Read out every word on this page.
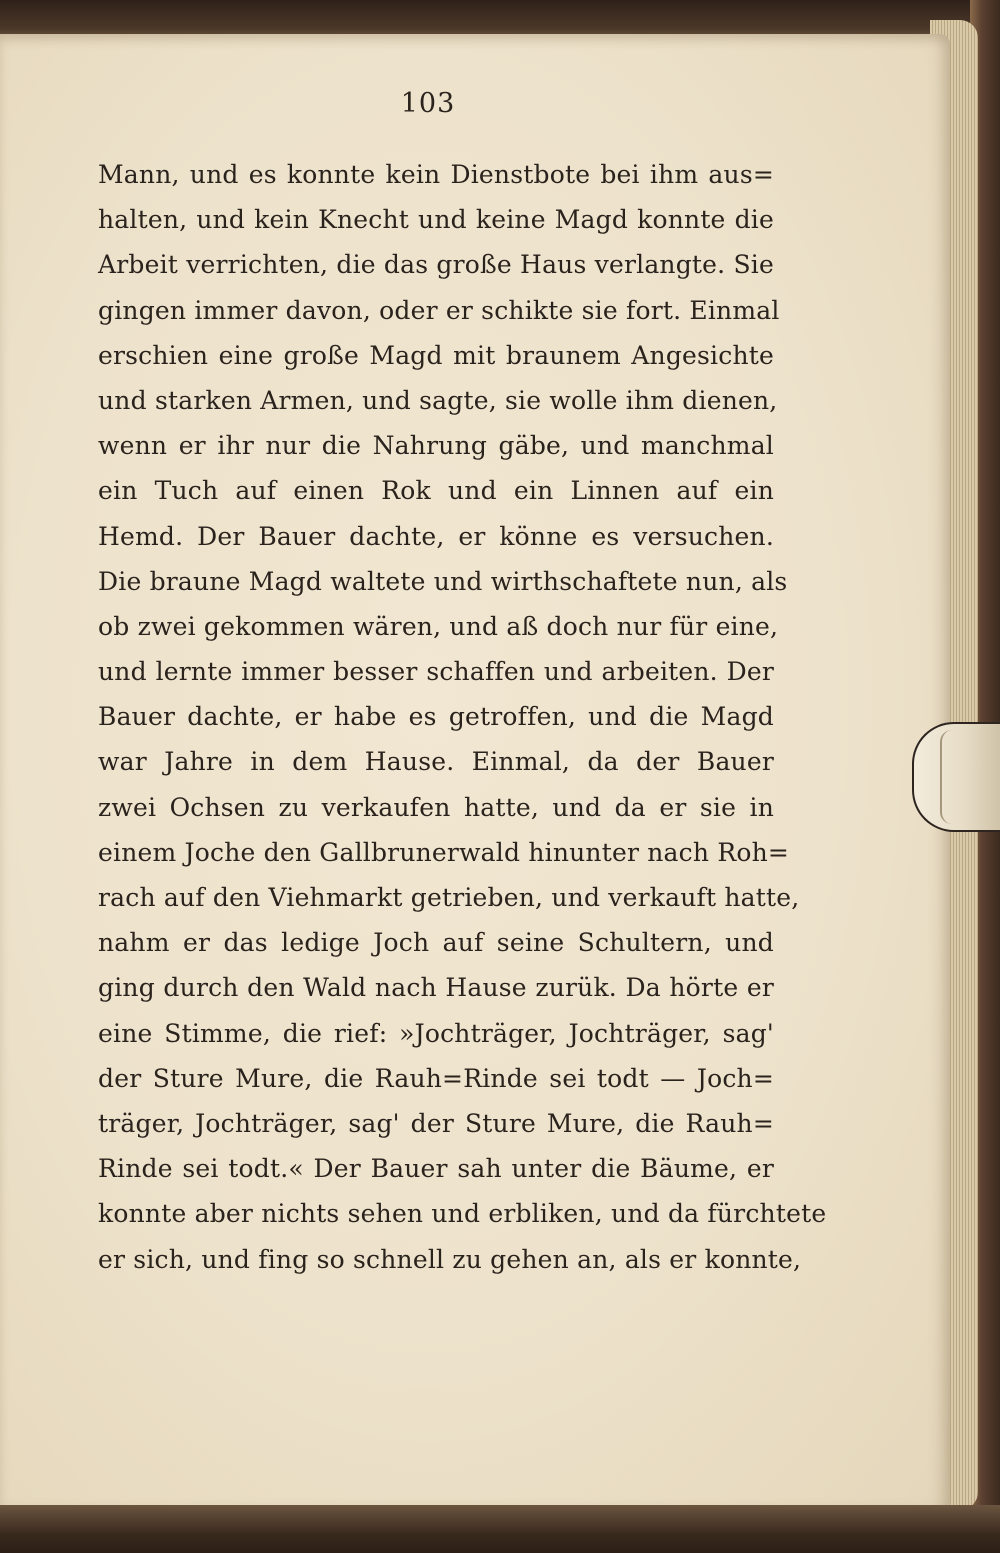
103
Mann, und es konnte kein Dienstbote bei ihm aus=
halten, und kein Knecht und keine Magd konnte die
Arbeit verrichten, die das große Haus verlangte. Sie
gingen immer davon, oder er schikte sie fort. Einmal
erschien eine große Magd mit braunem Angesichte
und starken Armen, und sagte, sie wolle ihm dienen,
wenn er ihr nur die Nahrung gäbe, und manchmal
ein Tuch auf einen Rok und ein Linnen auf ein
Hemd. Der Bauer dachte, er könne es versuchen.
Die braune Magd waltete und wirthschaftete nun, als
ob zwei gekommen wären, und aß doch nur für eine,
und lernte immer besser schaffen und arbeiten. Der
Bauer dachte, er habe es getroffen, und die Magd
war Jahre in dem Hause. Einmal, da der Bauer
zwei Ochsen zu verkaufen hatte, und da er sie in
einem Joche den Gallbrunerwald hinunter nach Roh=
rach auf den Viehmarkt getrieben, und verkauft hatte,
nahm er das ledige Joch auf seine Schultern, und
ging durch den Wald nach Hause zurük. Da hörte er
eine Stimme, die rief: »Jochträger, Jochträger, sag'
der Sture Mure, die Rauh=Rinde sei todt — Joch=
träger, Jochträger, sag' der Sture Mure, die Rauh=
Rinde sei todt.« Der Bauer sah unter die Bäume, er
konnte aber nichts sehen und erbliken, und da fürchtete
er sich, und fing so schnell zu gehen an, als er konnte,
